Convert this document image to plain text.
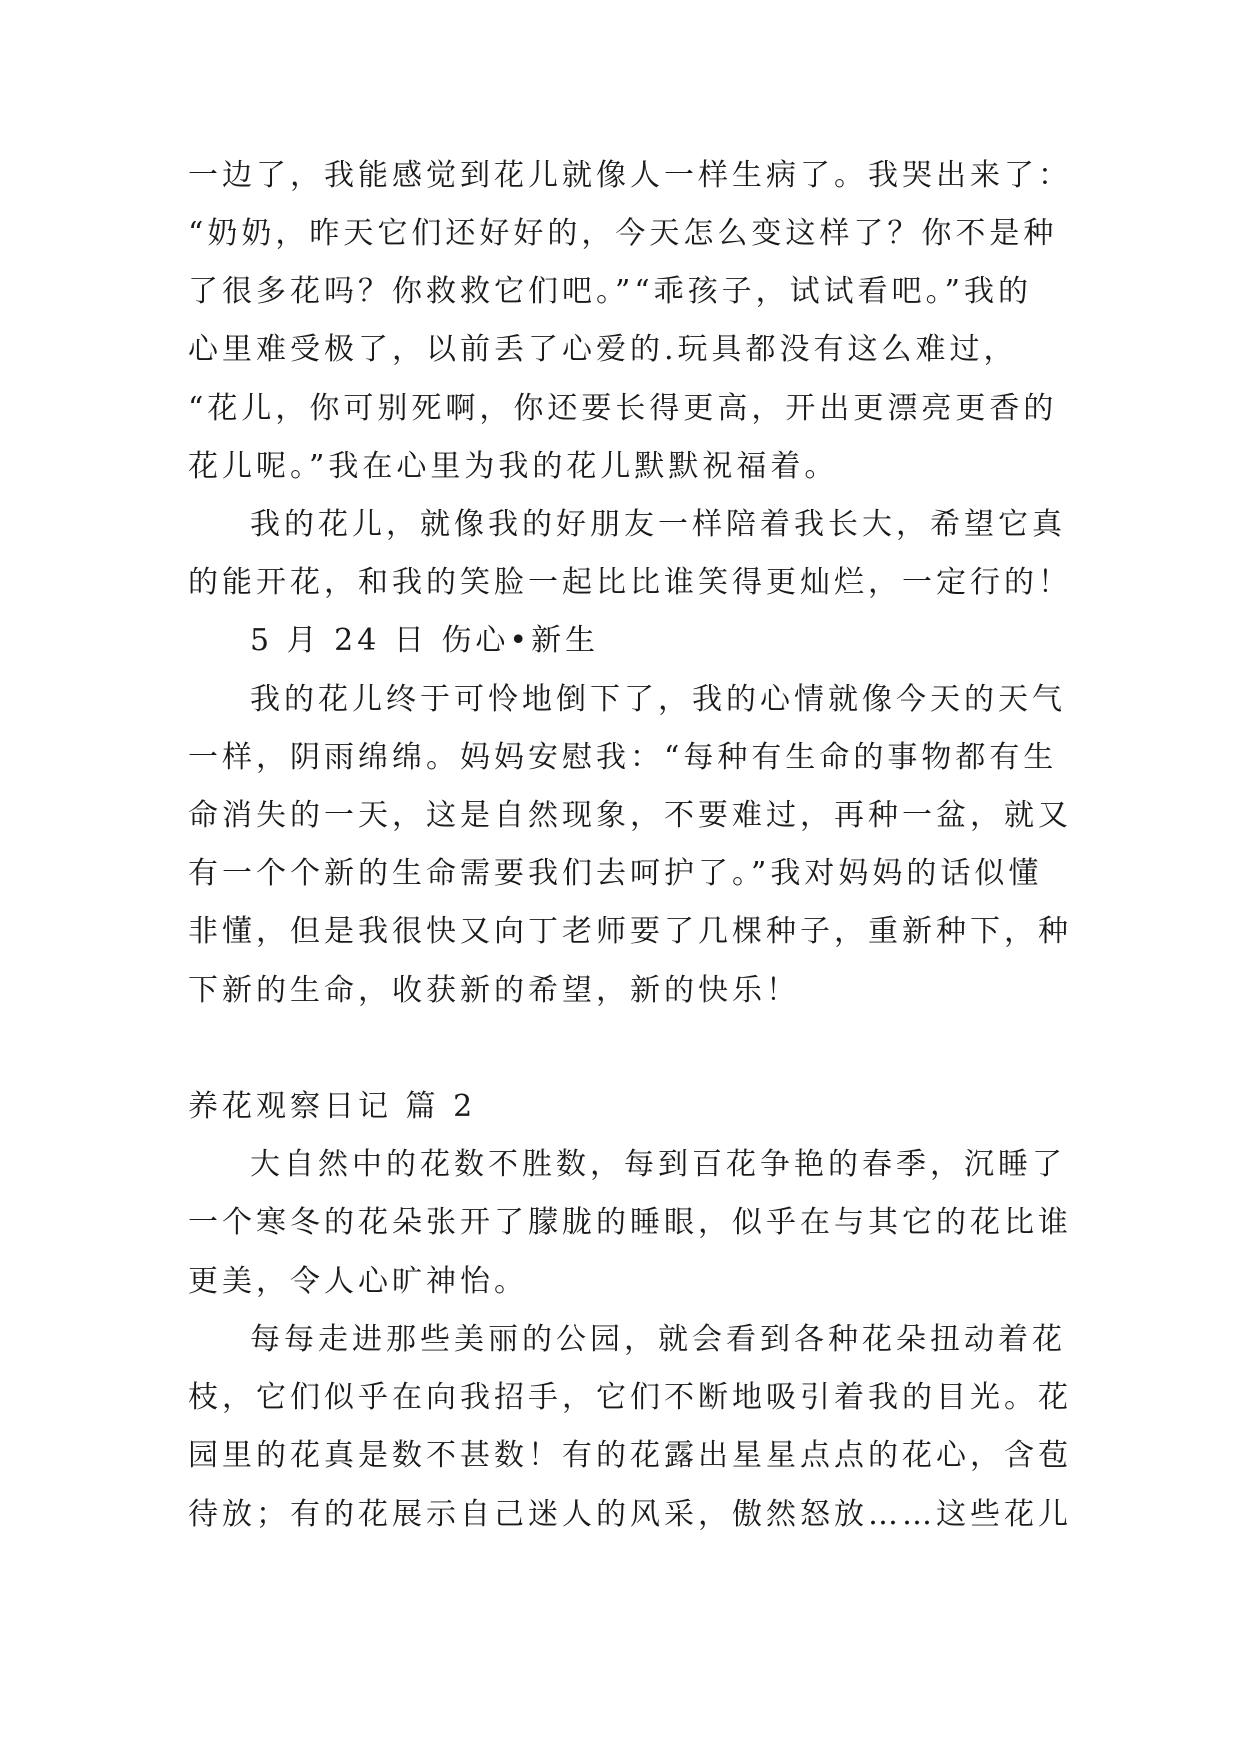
一边了，我能感觉到花儿就像人一样生病了。我哭出来了：
“奶奶，昨天它们还好好的，今天怎么变这样了？你不是种
了很多花吗？你救救它们吧。”“乖孩子，试试看吧。”我的
心里难受极了，以前丢了心爱的.玩具都没有这么难过，
“花儿，你可别死啊，你还要长得更高，开出更漂亮更香的
花儿呢。”我在心里为我的花儿默默祝福着。
我的花儿，就像我的好朋友一样陪着我长大，希望它真
的能开花，和我的笑脸一起比比谁笑得更灿烂，一定行的！
5 月 24 日 伤心•新生
我的花儿终于可怜地倒下了，我的心情就像今天的天气
一样，阴雨绵绵。妈妈安慰我：“每种有生命的事物都有生
命消失的一天，这是自然现象，不要难过，再种一盆，就又
有一个个新的生命需要我们去呵护了。”我对妈妈的话似懂
非懂，但是我很快又向丁老师要了几棵种子，重新种下，种
下新的生命，收获新的希望，新的快乐！
养花观察日记 篇 2
大自然中的花数不胜数，每到百花争艳的春季，沉睡了
一个寒冬的花朵张开了朦胧的睡眼，似乎在与其它的花比谁
更美，令人心旷神怡。
每每走进那些美丽的公园，就会看到各种花朵扭动着花
枝，它们似乎在向我招手，它们不断地吸引着我的目光。花
园里的花真是数不甚数！有的花露出星星点点的花心，含苞
待放；有的花展示自己迷人的风采，傲然怒放……这些花儿
